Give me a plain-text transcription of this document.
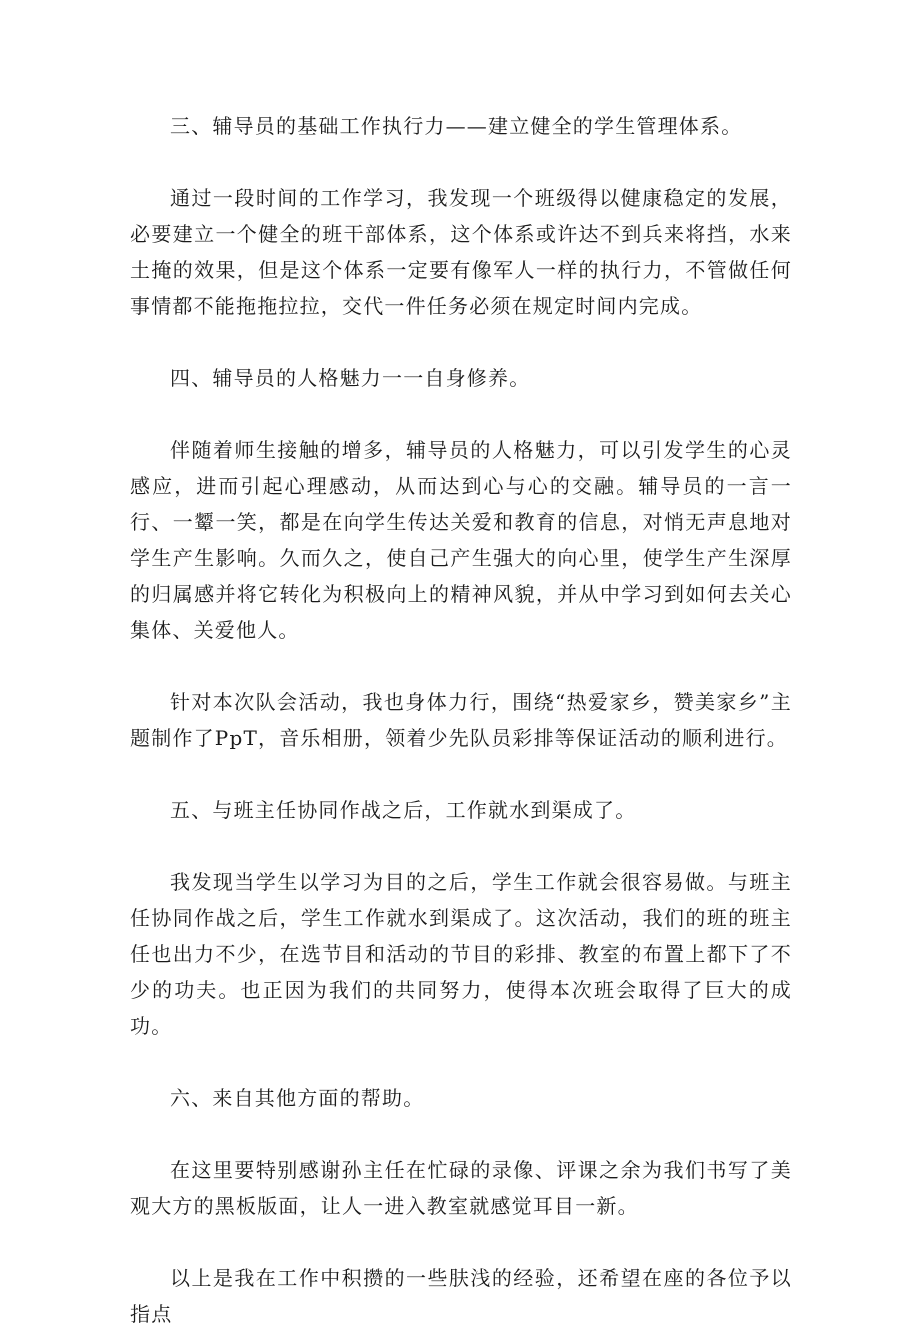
三、辅导员的基础工作执行力——建立健全的学生管理体系。

通过一段时间的工作学习，我发现一个班级得以健康稳定的发展，必要建立一个健全的班干部体系，这个体系或许达不到兵来将挡，水来土掩的效果，但是这个体系一定要有像军人一样的执行力，不管做任何事情都不能拖拖拉拉，交代一件任务必须在规定时间内完成。

四、辅导员的人格魅力一一自身修养。

伴随着师生接触的增多，辅导员的人格魅力，可以引发学生的心灵感应，进而引起心理感动，从而达到心与心的交融。辅导员的一言一行、一颦一笑，都是在向学生传达关爱和教育的信息，对悄无声息地对学生产生影响。久而久之，使自己产生强大的向心里，使学生产生深厚的归属感并将它转化为积极向上的精神风貌，并从中学习到如何去关心集体、关爱他人。

针对本次队会活动，我也身体力行，围绕“热爱家乡，赞美家乡”主题制作了PpT，音乐相册，领着少先队员彩排等保证活动的顺利进行。

五、与班主任协同作战之后，工作就水到渠成了。

我发现当学生以学习为目的之后，学生工作就会很容易做。与班主任协同作战之后，学生工作就水到渠成了。这次活动，我们的班的班主任也出力不少，在选节目和活动的节目的彩排、教室的布置上都下了不少的功夫。也正因为我们的共同努力，使得本次班会取得了巨大的成功。

六、来自其他方面的帮助。

在这里要特别感谢孙主任在忙碌的录像、评课之余为我们书写了美观大方的黑板版面，让人一进入教室就感觉耳目一新。

以上是我在工作中积攒的一些肤浅的经验，还希望在座的各位予以指点
